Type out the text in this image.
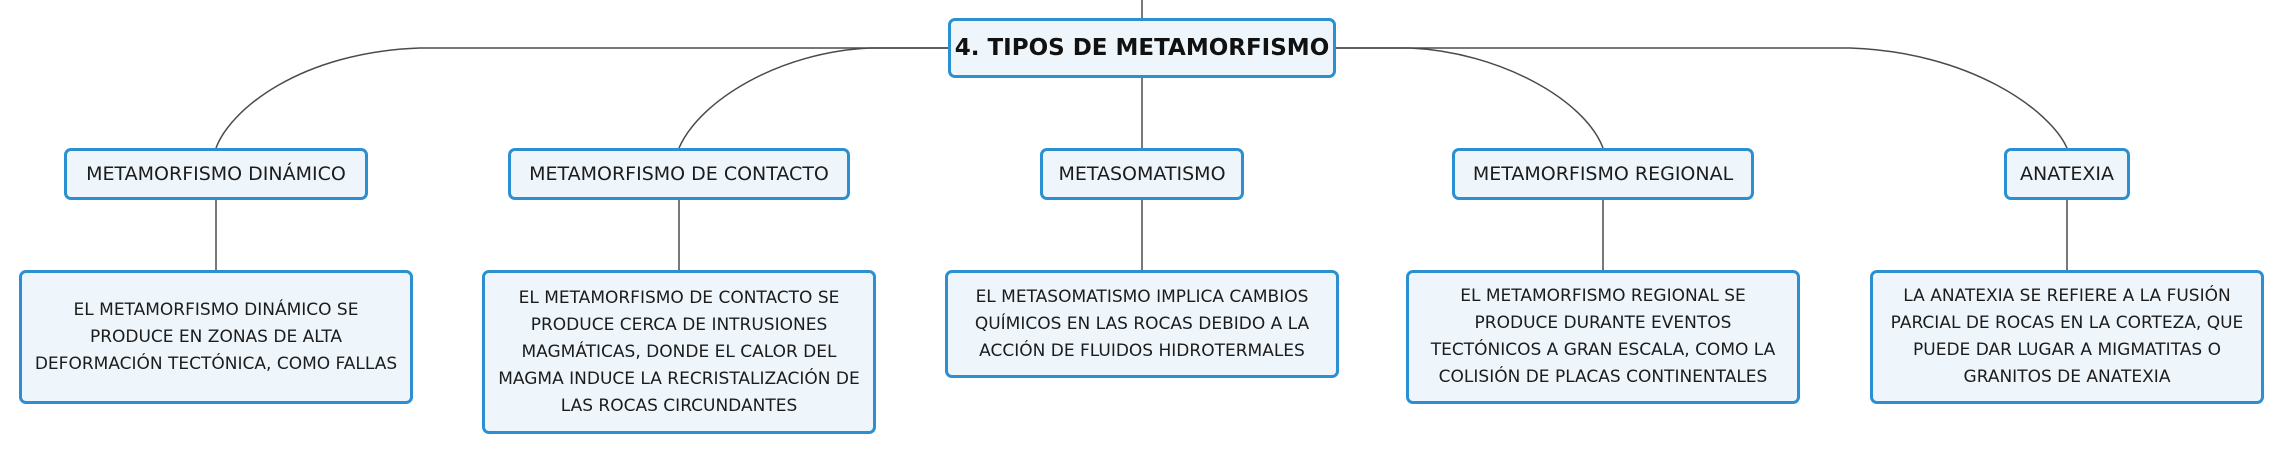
4. TIPOS DE METAMORFISMO
METAMORFISMO DINÁMICO	METAMORFISMO DE CONTACTO	METASOMATISMO	METAMORFISMO REGIONAL	ANATEXIA
EL METAMORFISMO DINÁMICO SE PRODUCE EN ZONAS DE ALTA DEFORMACIÓN TECTÓNICA, COMO FALLAS
EL METAMORFISMO DE CONTACTO SE PRODUCE CERCA DE INTRUSIONES MAGMÁTICAS, DONDE EL CALOR DEL MAGMA INDUCE LA RECRISTALIZACIÓN DE LAS ROCAS CIRCUNDANTES
EL METASOMATISMO IMPLICA CAMBIOS QUÍMICOS EN LAS ROCAS DEBIDO A LA ACCIÓN DE FLUIDOS HIDROTERMALES
EL METAMORFISMO REGIONAL SE PRODUCE DURANTE EVENTOS TECTÓNICOS A GRAN ESCALA, COMO LA COLISIÓN DE PLACAS CONTINENTALES
LA ANATEXIA SE REFIERE A LA FUSIÓN PARCIAL DE ROCAS EN LA CORTEZA, QUE PUEDE DAR LUGAR A MIGMATITAS O GRANITOS DE ANATEXIA
